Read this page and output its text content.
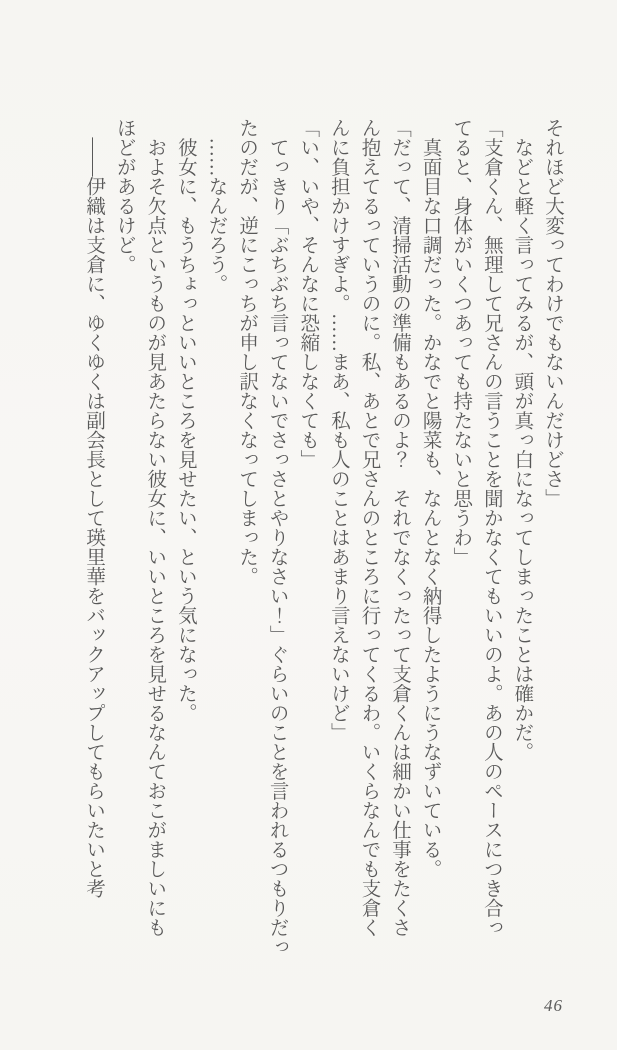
それほど大変ってわけでもないんだけどさ」
　などと軽く言ってみるが、頭が真っ白になってしまったことは確かだ。
「支倉くん、無理して兄さんの言うことを聞かなくてもいいのよ。あの人のペースにつき合っ
てると、身体がいくつあっても持たないと思うわ」
　真面目な口調だった。かなでと陽菜も、なんとなく納得したようにうなずいている。
「だって、清掃活動の準備もあるのよ？　それでなくったって支倉くんは細かい仕事をたくさ
ん抱えてるっていうのに。私、あとで兄さんのところに行ってくるわ。いくらなんでも支倉く
んに負担かけすぎよ。……まあ、私も人のことはあまり言えないけど」
「い、いや、そんなに恐縮しなくても」
　てっきり「ぶちぶち言ってないでさっさとやりなさい！」ぐらいのことを言われるつもりだっ
たのだが、逆にこっちが申し訳なくなってしまった。
　……なんだろう。
　彼女に、もうちょっといいところを見せたい、という気になった。
　およそ欠点というものが見あたらない彼女に、いいところを見せるなんておこがましいにも
ほどがあるけど。
　――伊織は支倉に、ゆくゆくは副会長として瑛里華をバックアップしてもらいたいと考
46
